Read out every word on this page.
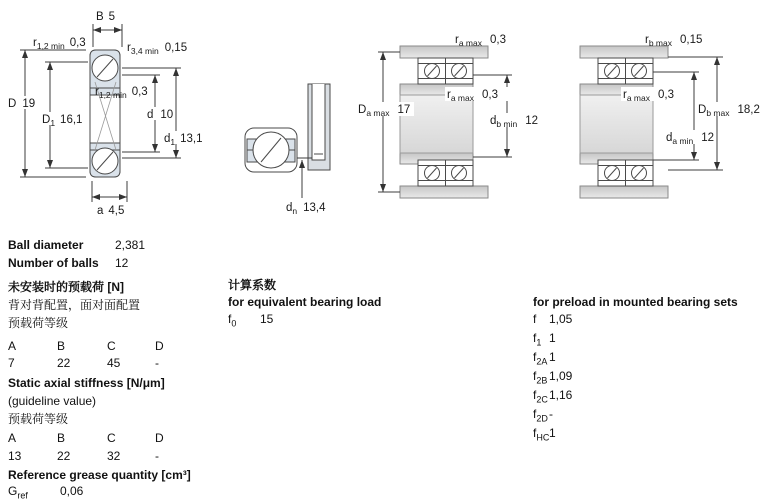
B 5
$r_{1,2 min}$ 0,3	$r_{3,4 min}$ 0,15
D 19
$D_1$ 16,1
$r_{1,2 min}$ 0,3
d 10
$d_1$ 13,1
a 4,5	$d_n$ 13,4
$r_{a max}$ 0,3
$r_{a max}$ 0,3
$D_{a max}$ 17
$d_{b min}$ 12
$r_{b max}$ 0,15
$r_{a max}$ 0,3
$D_{b max}$ 18,2
$d_{a min}$ 12
Ball diameter	2,381
Number of balls 12
未安装时的预载荷 [N]
背对背配置，面对面配置
预载荷等级
A	B	C	D
7	22	45	-
Static axial stiffness [N/μm]
(guideline value)
预载荷等级
A	B	C	D
13	22	32	-
Reference grease quantity [cm³]
$G_{ref}$	0,06
计算系数
for equivalent bearing load
$f_0$ 15
for preload in mounted bearing sets
f 1,05
$f_1$ 1
$f_{2A}$ 1
$f_{2B}$ 1,09
$f_{2C}$ 1,16
$f_{2D}$ -
$f_{HC}$ 1
